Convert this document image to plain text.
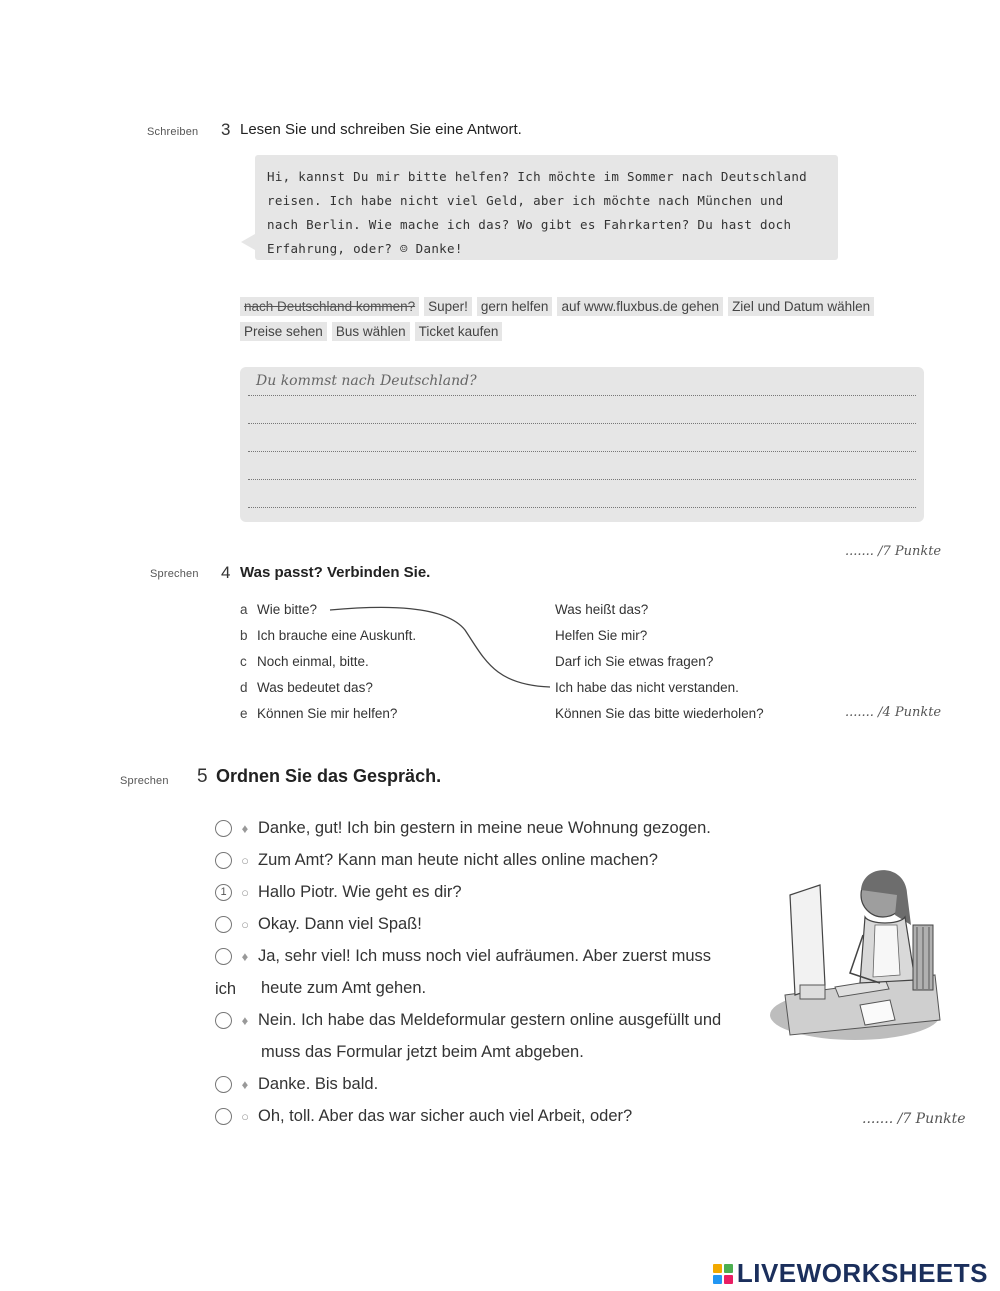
Schreiben 3 Lesen Sie und schreiben Sie eine Antwort.
Hi, kannst Du mir bitte helfen? Ich möchte im Sommer nach Deutschland
reisen. Ich habe nicht viel Geld, aber ich möchte nach München und
nach Berlin. Wie mache ich das? Wo gibt es Fahrkarten? Du hast doch
Erfahrung, oder? ☺ Danke!
nach Deutschland kommen? Super! gern helfen auf www.fluxbus.de gehen Ziel und Datum wählen
Preise sehen Bus wählen Ticket kaufen
Du kommst nach Deutschland?
....... /7 Punkte
Sprechen 4 Was passt? Verbinden Sie.
a Wie bitte?
b Ich brauche eine Auskunft.
c Noch einmal, bitte.
d Was bedeutet das?
e Können Sie mir helfen?
Was heißt das?
Helfen Sie mir?
Darf ich Sie etwas fragen?
Ich habe das nicht verstanden.
Können Sie das bitte wiederholen?	....... /4 Punkte
Sprechen 5 Ordnen Sie das Gespräch.
♦ Danke, gut! Ich bin gestern in meine neue Wohnung gezogen.
○ Zum Amt? Kann man heute nicht alles online machen?
1 ○ Hallo Piotr. Wie geht es dir?
○ Okay. Dann viel Spaß!
♦ Ja, sehr viel! Ich muss noch viel aufräumen. Aber zuerst muss ich	heute zum Amt gehen.
♦ Nein. Ich habe das Meldeformular gestern online ausgefüllt und
muss das Formular jetzt beim Amt abgeben.
♦ Danke. Bis bald.
○ Oh, toll. Aber das war sicher auch viel Arbeit, oder?	....... /7 Punkte
LIVEWORKSHEETS
